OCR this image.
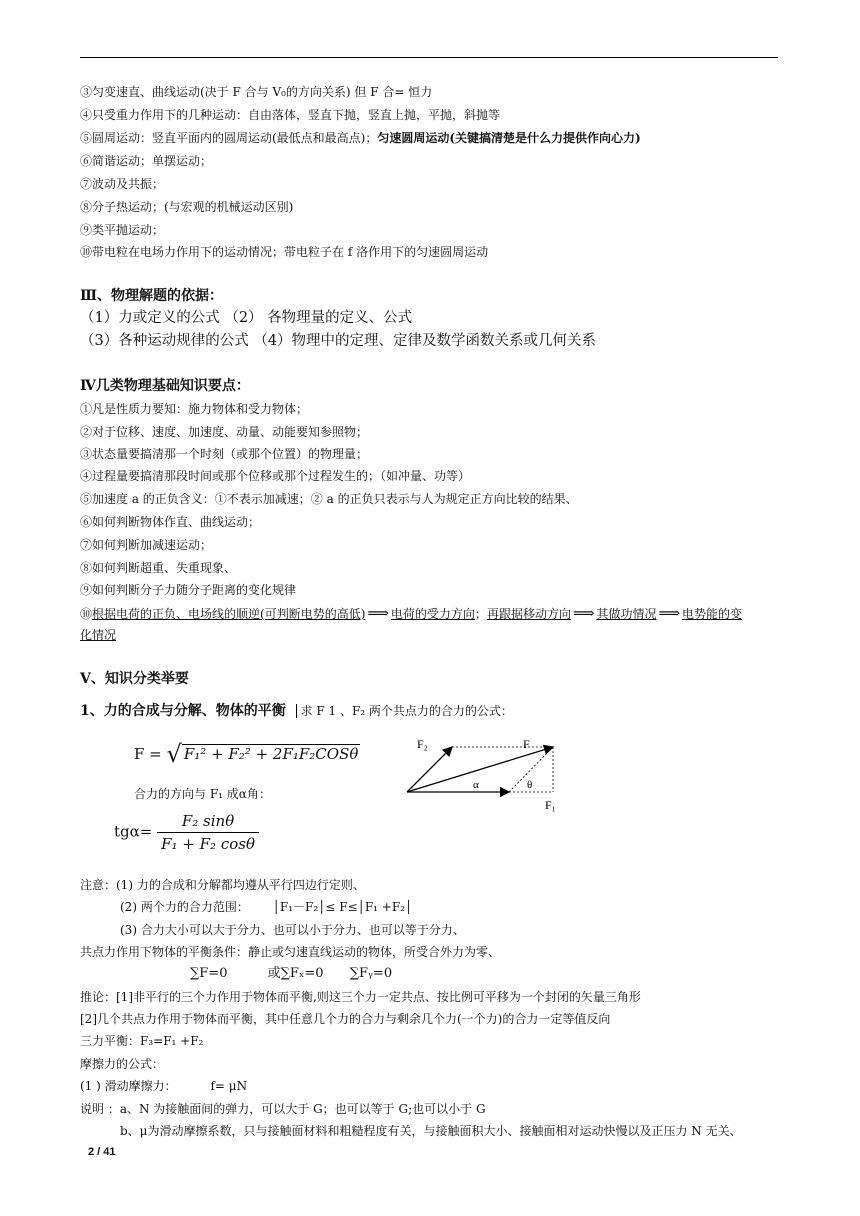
③匀变速直、曲线运动(决于 F 合与 V₀的方向关系) 但 F 合= 恒力
④只受重力作用下的几种运动：自由落体，竖直下抛，竖直上抛，平抛，斜抛等
⑤圆周运动：竖直平面内的圆周运动(最低点和最高点)；匀速圆周运动(关键搞清楚是什么力提供作向心力)
⑥简谐运动；单摆运动；
⑦波动及共振；
⑧分子热运动；(与宏观的机械运动区别)
⑨类平抛运动；
⑩带电粒在电场力作用下的运动情况；带电粒子在 f 洛作用下的匀速圆周运动
Ⅲ、物理解题的依据：
（1）力或定义的公式 （2） 各物理量的定义、公式
（3）各种运动规律的公式 （4）物理中的定理、定律及数学函数关系或几何关系
Ⅳ几类物理基础知识要点：
①凡是性质力要知：施力物体和受力物体；
②对于位移、速度、加速度、动量、动能要知参照物；
③状态量要搞清那一个时刻（或那个位置）的物理量；
④过程量要搞清那段时间或那个位移或那个过程发生的；（如冲量、功等）
⑤加速度 a 的正负含义：①不表示加减速；② a 的正负只表示与人为规定正方向比较的结果、
⑥如何判断物体作直、曲线运动；
⑦如何判断加减速运动；
⑧如何判断超重、失重现象、
⑨如何判断分子力随分子距离的变化规律
⑩根据电荷的正负、电场线的顺逆(可判断电势的高低) ⟹ 电荷的受力方向；再跟据移动方向 ⟹ 其做功情况 ⟹ 电势能的变
化情况
V、知识分类举要
1、力的合成与分解、物体的平衡 求 F 1 、F₂ 两个共点力的合力的公式：
F = √ F₁² + F₂² + 2F₁F₂COSθ
合力的方向与 F₁ 成α角：
$tg\alpha= \frac{\text{F₂ sinθ}}{\text{F₁ + F₂ cosθ}}$
F₂	F
F₁
α	θ
注意：(1) 力的合成和分解都均遵从平行四边行定则、
(2) 两个力的合力范围： │F₁－F₂│≤ F≤│F₁ +F₂│
(3) 合力大小可以大于分力、也可以小于分力、也可以等于分力、
共点力作用下物体的平衡条件：静止或匀速直线运动的物体，所受合外力为零、
∑F=0	或∑Fₓ=0 ∑Fᵧ=0
推论：[1]非平行的三个力作用于物体而平衡,则这三个力一定共点、按比例可平移为一个封闭的矢量三角形
[2]几个共点力作用于物体而平衡，其中任意几个力的合力与剩余几个力(一个力)的合力一定等值反向
三力平衡：F₃=F₁ +F₂
摩擦力的公式：
(1 ) 滑动摩擦力：	f= μN
说明 ：a、N 为接触面间的弹力，可以大于 G；也可以等于 G;也可以小于 G
b、μ为滑动摩擦系数，只与接触面材料和粗糙程度有关，与接触面积大小、接触面相对运动快慢以及正压力 N 无关、
2 / 41
